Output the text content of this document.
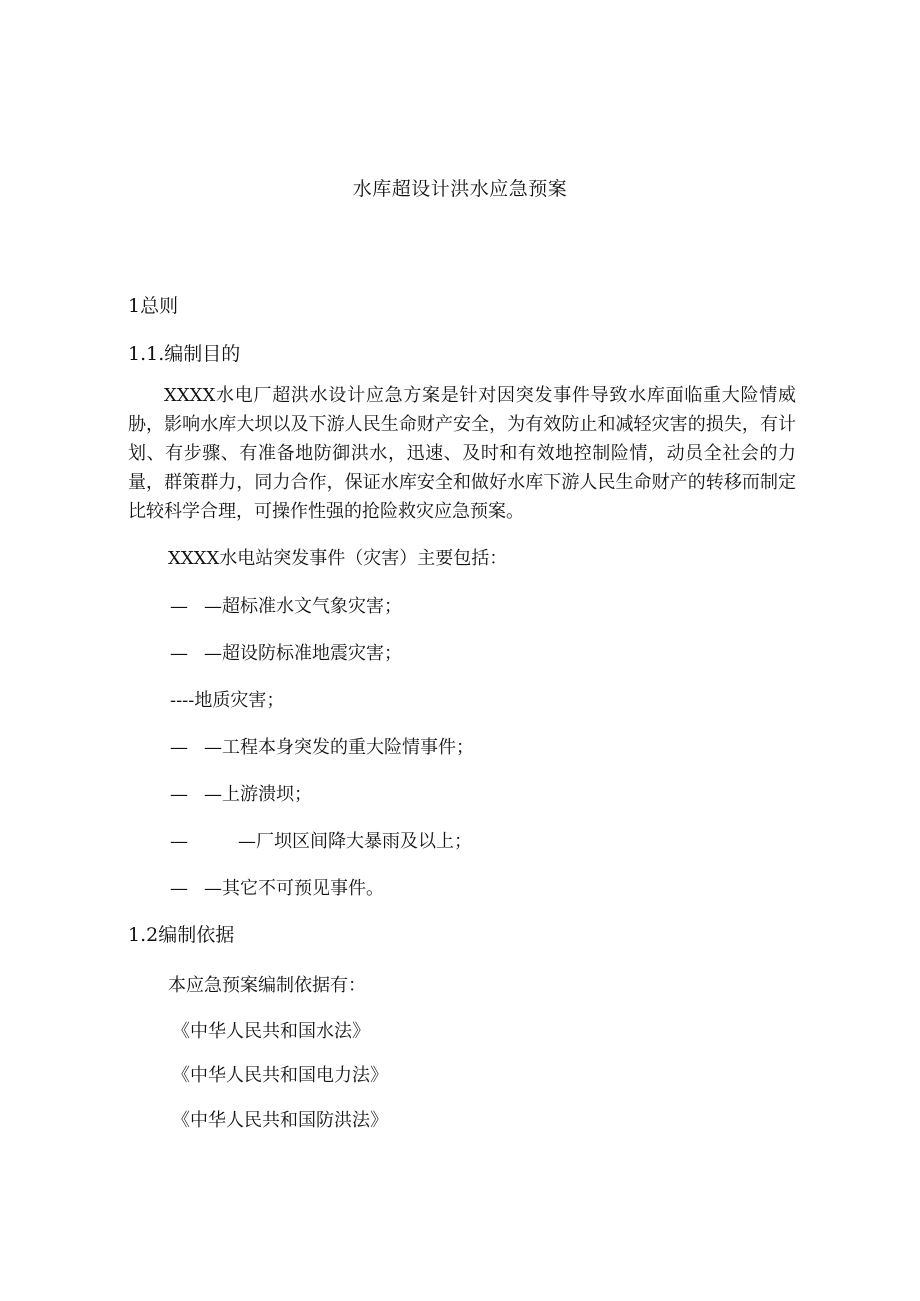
水库超设计洪水应急预案
1总则
1.1.编制目的
XXXX水电厂超洪水设计应急方案是针对因突发事件导致水库面临重大险情威胁，影响水库大坝以及下游人民生命财产安全，为有效防止和减轻灾害的损失，有计划、有步骤、有准备地防御洪水，迅速、及时和有效地控制险情，动员全社会的力量，群策群力，同力合作，保证水库安全和做好水库下游人民生命财产的转移而制定比较科学合理，可操作性强的抢险救灾应急预案。
XXXX水电站突发事件（灾害）主要包括：
— —超标准水文气象灾害；
— —超设防标准地震灾害；
----地质灾害；
— —工程本身突发的重大险情事件；
— —上游溃坝；
—	—厂坝区间降大暴雨及以上；
— —其它不可预见事件。
1.2编制依据
本应急预案编制依据有：
《中华人民共和国水法》
《中华人民共和国电力法》
《中华人民共和国防洪法》
